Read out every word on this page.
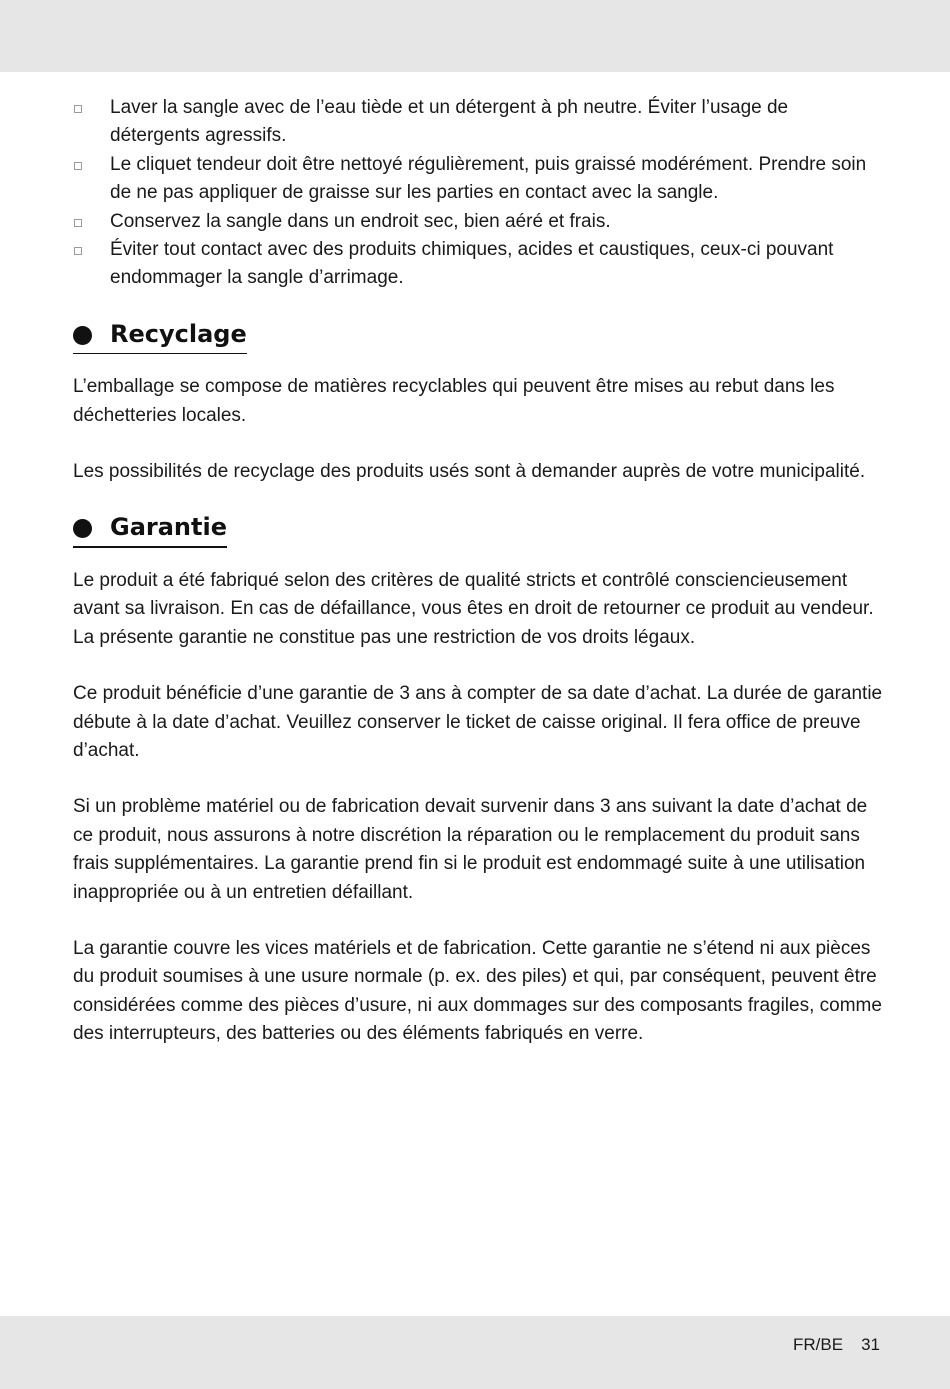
Laver la sangle avec de l’eau tiède et un détergent à ph neutre. Éviter l’usage de détergents agressifs.
Le cliquet tendeur doit être nettoyé régulièrement, puis graissé modérément. Prendre soin de ne pas appliquer de graisse sur les parties en contact avec la sangle.
Conservez la sangle dans un endroit sec, bien aéré et frais.
Éviter tout contact avec des produits chimiques, acides et caustiques, ceux-ci pouvant endommager la sangle d’arrimage.
Recyclage

L’emballage se compose de matières recyclables qui peuvent être mises au rebut dans les déchetteries locales.

Les possibilités de recyclage des produits usés sont à demander auprès de votre municipalité.

Garantie

Le produit a été fabriqué selon des critères de qualité stricts et contrôlé consciencieusement avant sa livraison. En cas de défaillance, vous êtes en droit de retourner ce produit au vendeur. La présente garantie ne constitue pas une restriction de vos droits légaux.

Ce produit bénéficie d’une garantie de 3 ans à compter de sa date d’achat. La durée de garantie débute à la date d’achat. Veuillez conserver le ticket de caisse original. Il fera office de preuve d’achat.

Si un problème matériel ou de fabrication devait survenir dans 3 ans suivant la date d’achat de ce produit, nous assurons à notre discrétion la réparation ou le remplacement du produit sans frais supplémentaires. La garantie prend fin si le produit est endommagé suite à une utilisation inappropriée ou à un entretien défaillant.

La garantie couvre les vices matériels et de fabrication. Cette garantie ne s’étend ni aux pièces du produit soumises à une usure normale (p. ex. des piles) et qui, par conséquent, peuvent être considérées comme des pièces d’usure, ni aux dommages sur des composants fragiles, comme des interrupteurs, des batteries ou des éléments fabriqués en verre.

FR/BE 31
